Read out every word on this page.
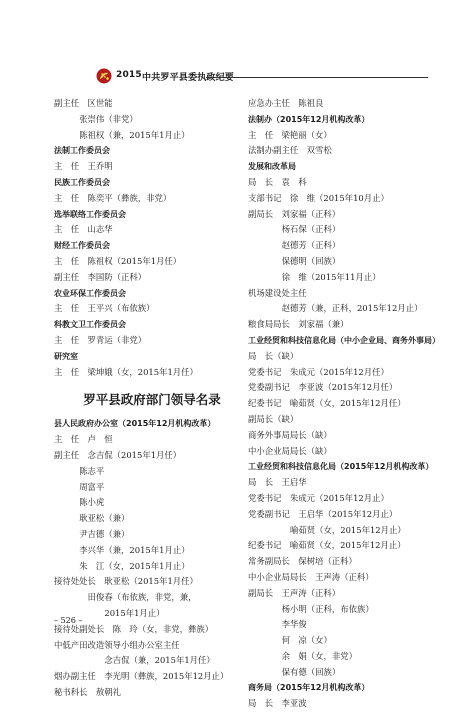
2015 中共罗平县委执政纪要
副主任　区世能
张崇伟（非党）
陈祖权（兼，2015年1月止）
法制工作委员会
主　任　王乔明
民族工作委员会
主　任　陈奕平（彝族，非党）
选举联络工作委员会
主　任　山志华
财经工作委员会
主　任　陈祖权（2015年1月任）
副主任　李国防（正科）
农业环保工作委员会
主　任　王平兴（布依族）
科教文卫工作委员会
主　任　罗青运（非党）
研究室
主　任　梁坤娥（女，2015年1月任）
罗平县政府部门领导名录
县人民政府办公室（2015年12月机构改革）
主　任　卢　恒
副主任　念吉侃（2015年1月任）
陈志平
周富平
陈小虎
耿亚松（兼）
尹吉德（兼）
李兴华（兼，2015年1月止）
朱　江（女，2015年1月止）
接待处处长　耿亚松（2015年1月任）
田俊春（布依族，非党，兼，
2015年1月止）
接待处副处长　陈　玲（女，非党，彝族）
中低产田改造领导小组办公室主任
念吉侃（兼，2015年1月任）
烟办副主任　李光明（彝族，2015年12月止）
秘书科长　敖朝礼
应急办主任　陈祖良
法制办（2015年12月机构改革）
主　任　梁艳丽（女）
法制办副主任　双雪松
发展和改革局
局　长　袁　科
支部书记　徐　维（2015年10月止）
副局长　刘家福（正科）
杨石保（正科）
赵德芳（正科）
保德明（回族）
徐　维（2015年11月止）
机场建设处主任
赵德芳（兼，正科，2015年12月止）
粮食局局长　刘家福（兼）
工业经贸和科技信息化局（中小企业局、商务外事局）
局　长（缺）
党委书记　朱成元（2015年12月任）
党委副书记　李亚波（2015年12月任）
纪委书记　喻茹贤（女，2015年12月任）
副局长（缺）
商务外事局局长（缺）
中小企业局局长（缺）
工业经贸和科技信息化局（2015年12月机构改革）
局　长　王启华
党委书记　朱成元（2015年12月止）
党委副书记　王启华（2015年12月止）
喻茹贤（女，2015年12月止）
纪委书记　喻茹贤（女，2015年12月止）
常务副局长　保树培（正科）
中小企业局局长　王声涛（正科）
副局长　王声涛（正科）
杨小明（正科，布依族）
李华俊
何　凉（女）
余　娟（女，非党）
保有德（回族）
商务局（2015年12月机构改革）
局　长　李亚波
– 526 –
